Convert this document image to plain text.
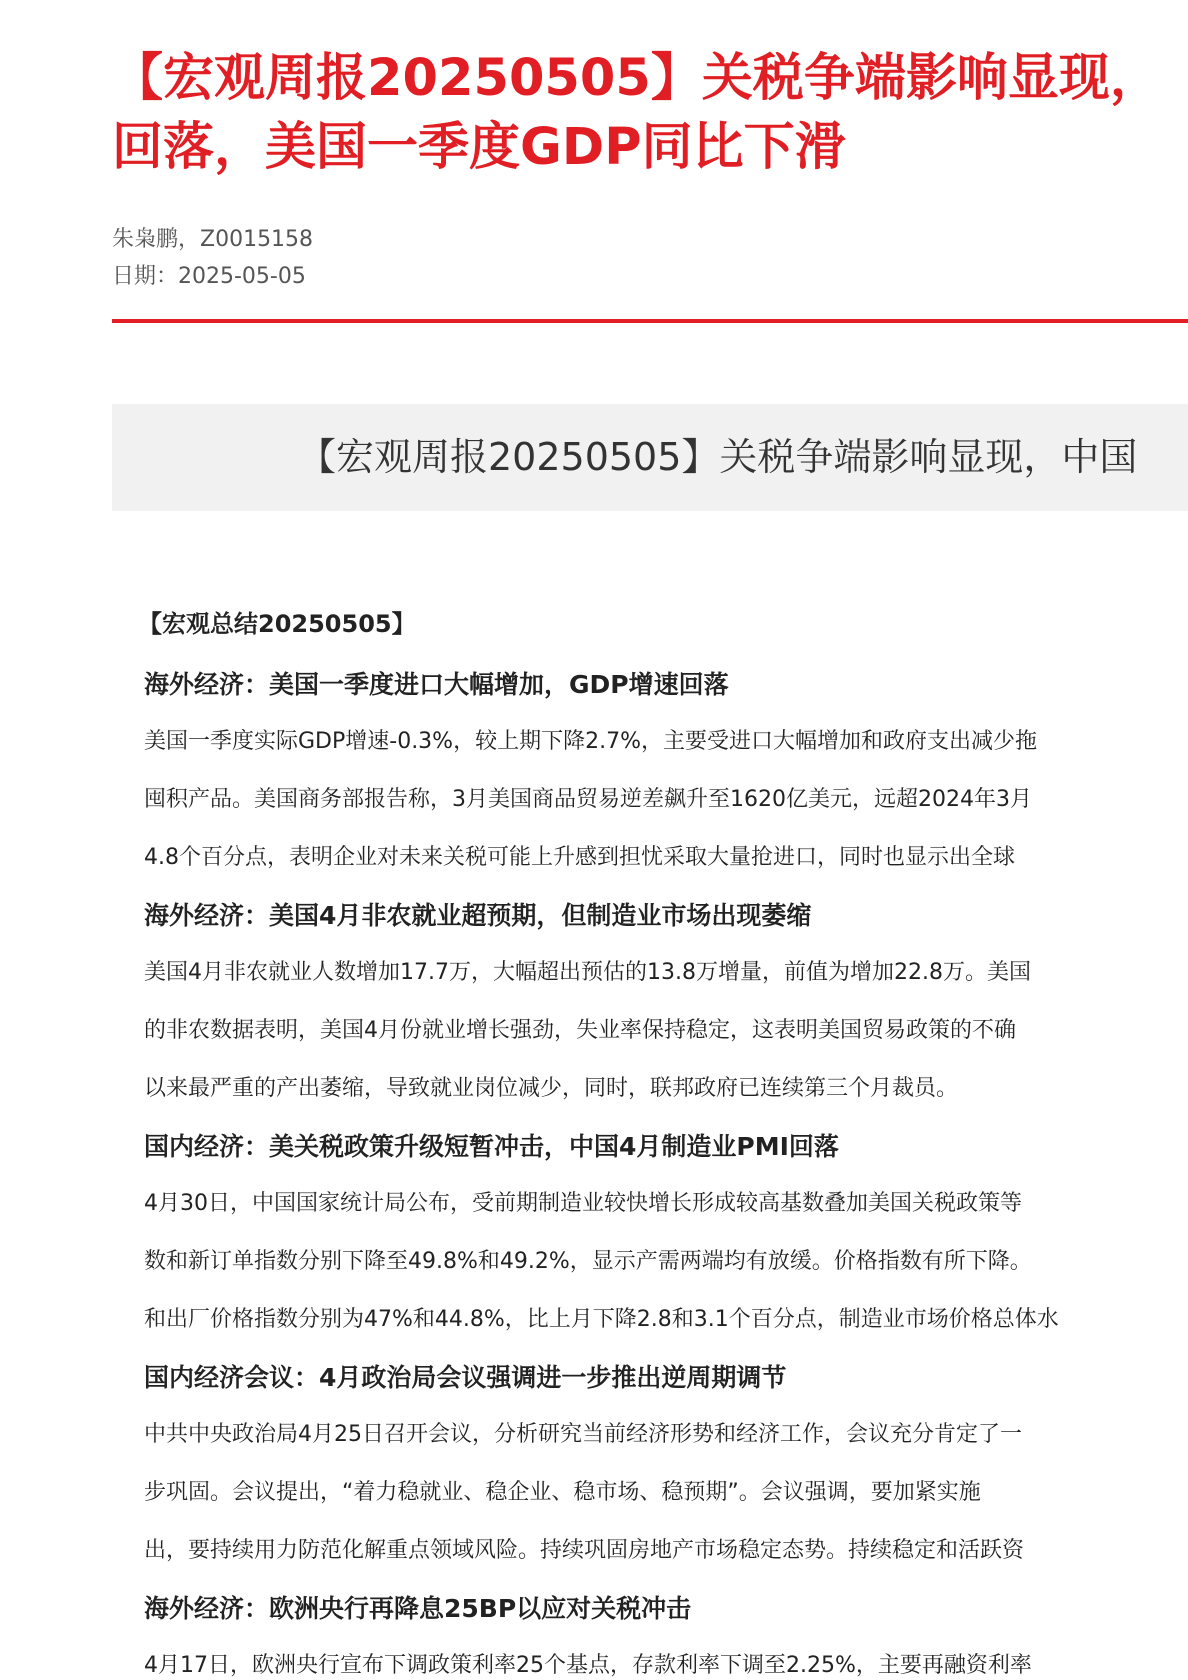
【宏观周报20250505】关税争端影响显现，
回落，美国一季度GDP同比下滑
朱枭鹏，Z0015158
日期：2025-05-05
【宏观周报20250505】关税争端影响显现，中国
【宏观总结20250505】
海外经济：美国一季度进口大幅增加，GDP增速回落

美国一季度实际GDP增速-0.3%，较上期下降2.7%，主要受进口大幅增加和政府支出减少拖

囤积产品。美国商务部报告称，3月美国商品贸易逆差飙升至1620亿美元，远超2024年3月

4.8个百分点，表明企业对未来关税可能上升感到担忧采取大量抢进口，同时也显示出全球

海外经济：美国4月非农就业超预期，但制造业市场出现萎缩

美国4月非农就业人数增加17.7万，大幅超出预估的13.8万增量，前值为增加22.8万。美国

的非农数据表明，美国4月份就业增长强劲，失业率保持稳定，这表明美国贸易政策的不确

以来最严重的产出萎缩，导致就业岗位减少，同时，联邦政府已连续第三个月裁员。

国内经济：美关税政策升级短暂冲击，中国4月制造业PMI回落

4月30日，中国国家统计局公布，受前期制造业较快增长形成较高基数叠加美国关税政策等

数和新订单指数分别下降至49.8%和49.2%，显示产需两端均有放缓。价格指数有所下降。

和出厂价格指数分别为47%和44.8%，比上月下降2.8和3.1个百分点，制造业市场价格总体水

国内经济会议：4月政治局会议强调进一步推出逆周期调节

中共中央政治局4月25日召开会议，分析研究当前经济形势和经济工作，会议充分肯定了一

步巩固。会议提出，“着力稳就业、稳企业、稳市场、稳预期”。会议强调，要加紧实施

出，要持续用力防范化解重点领域风险。持续巩固房地产市场稳定态势。持续稳定和活跃资

海外经济：欧洲央行再降息25BP以应对关税冲击

4月17日，欧洲央行宣布下调政策利率25个基点，存款利率下调至2.25%，主要再融资利率
